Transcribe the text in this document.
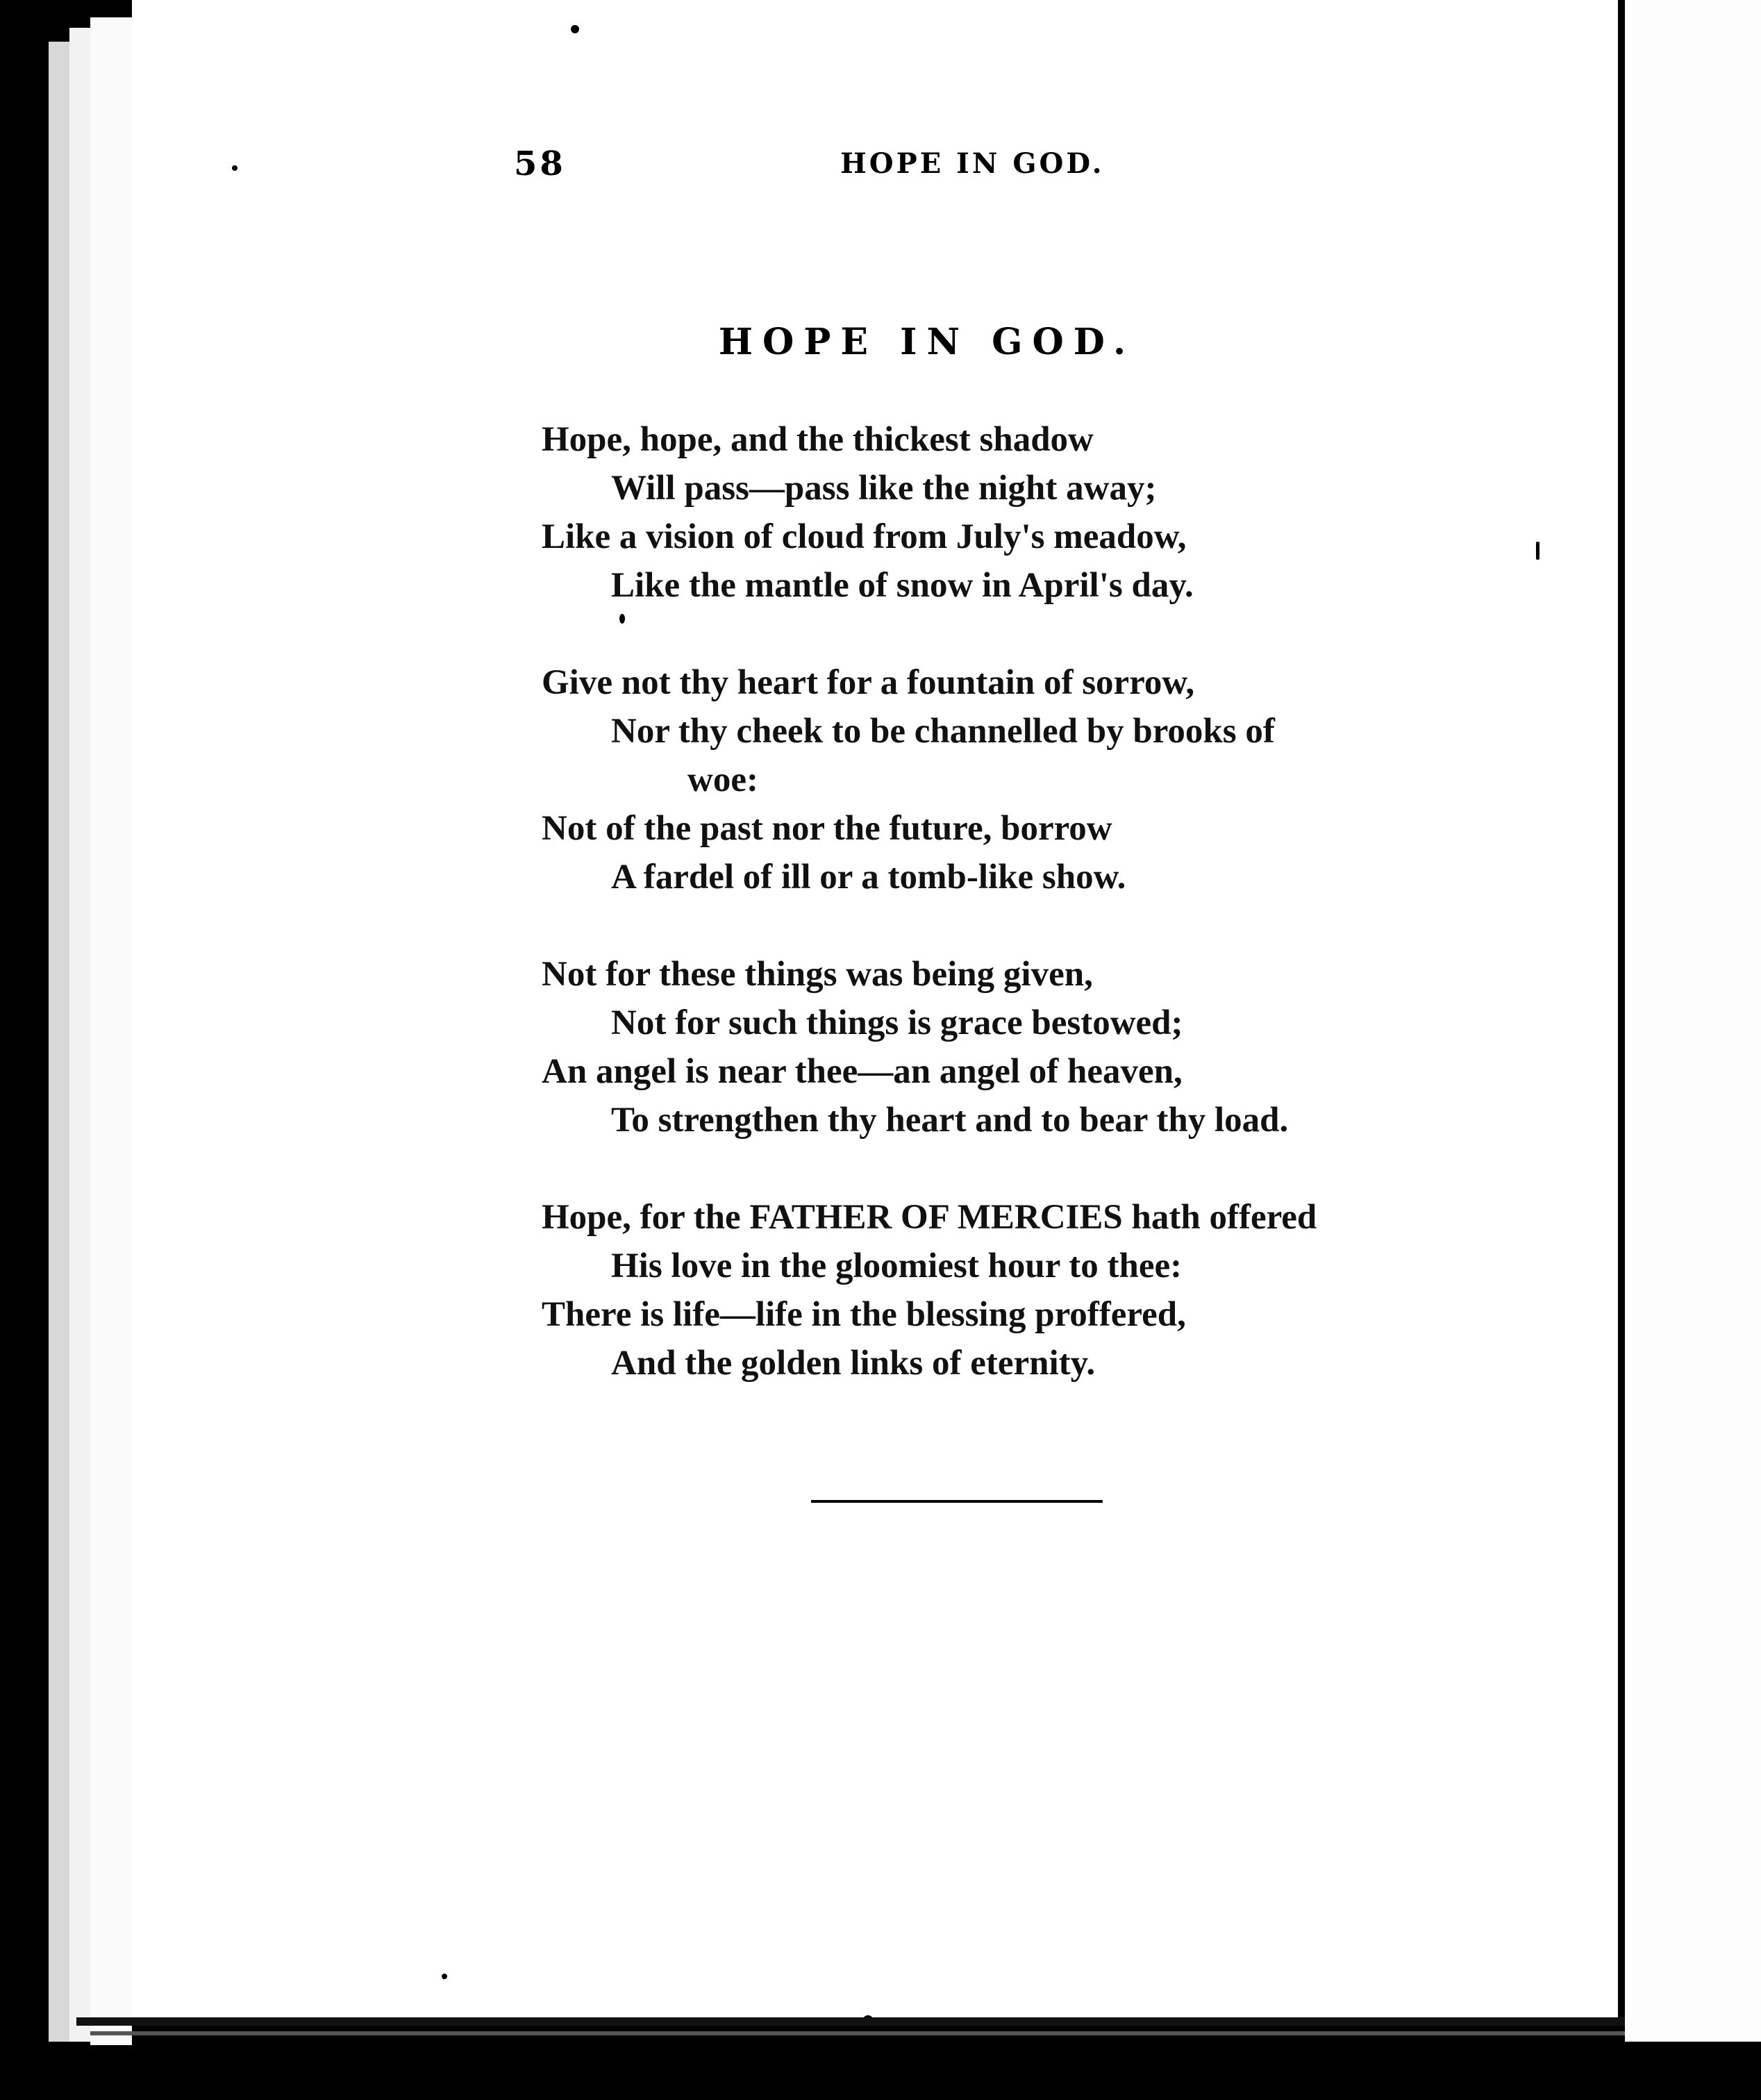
58	HOPE IN GOD.
HOPE IN GOD.
Hope, hope, and the thickest shadow
Will pass—pass like the night away;
Like a vision of cloud from July's meadow,
Like the mantle of snow in April's day.
Give not thy heart for a fountain of sorrow,
Nor thy cheek to be channelled by brooks of
woe:
Not of the past nor the future, borrow
A fardel of ill or a tomb-like show.
Not for these things was being given,
Not for such things is grace bestowed;
An angel is near thee—an angel of heaven,
To strengthen thy heart and to bear thy load.
Hope, for the FATHER OF MERCIES hath offered
His love in the gloomiest hour to thee:
There is life—life in the blessing proffered,
And the golden links of eternity.
